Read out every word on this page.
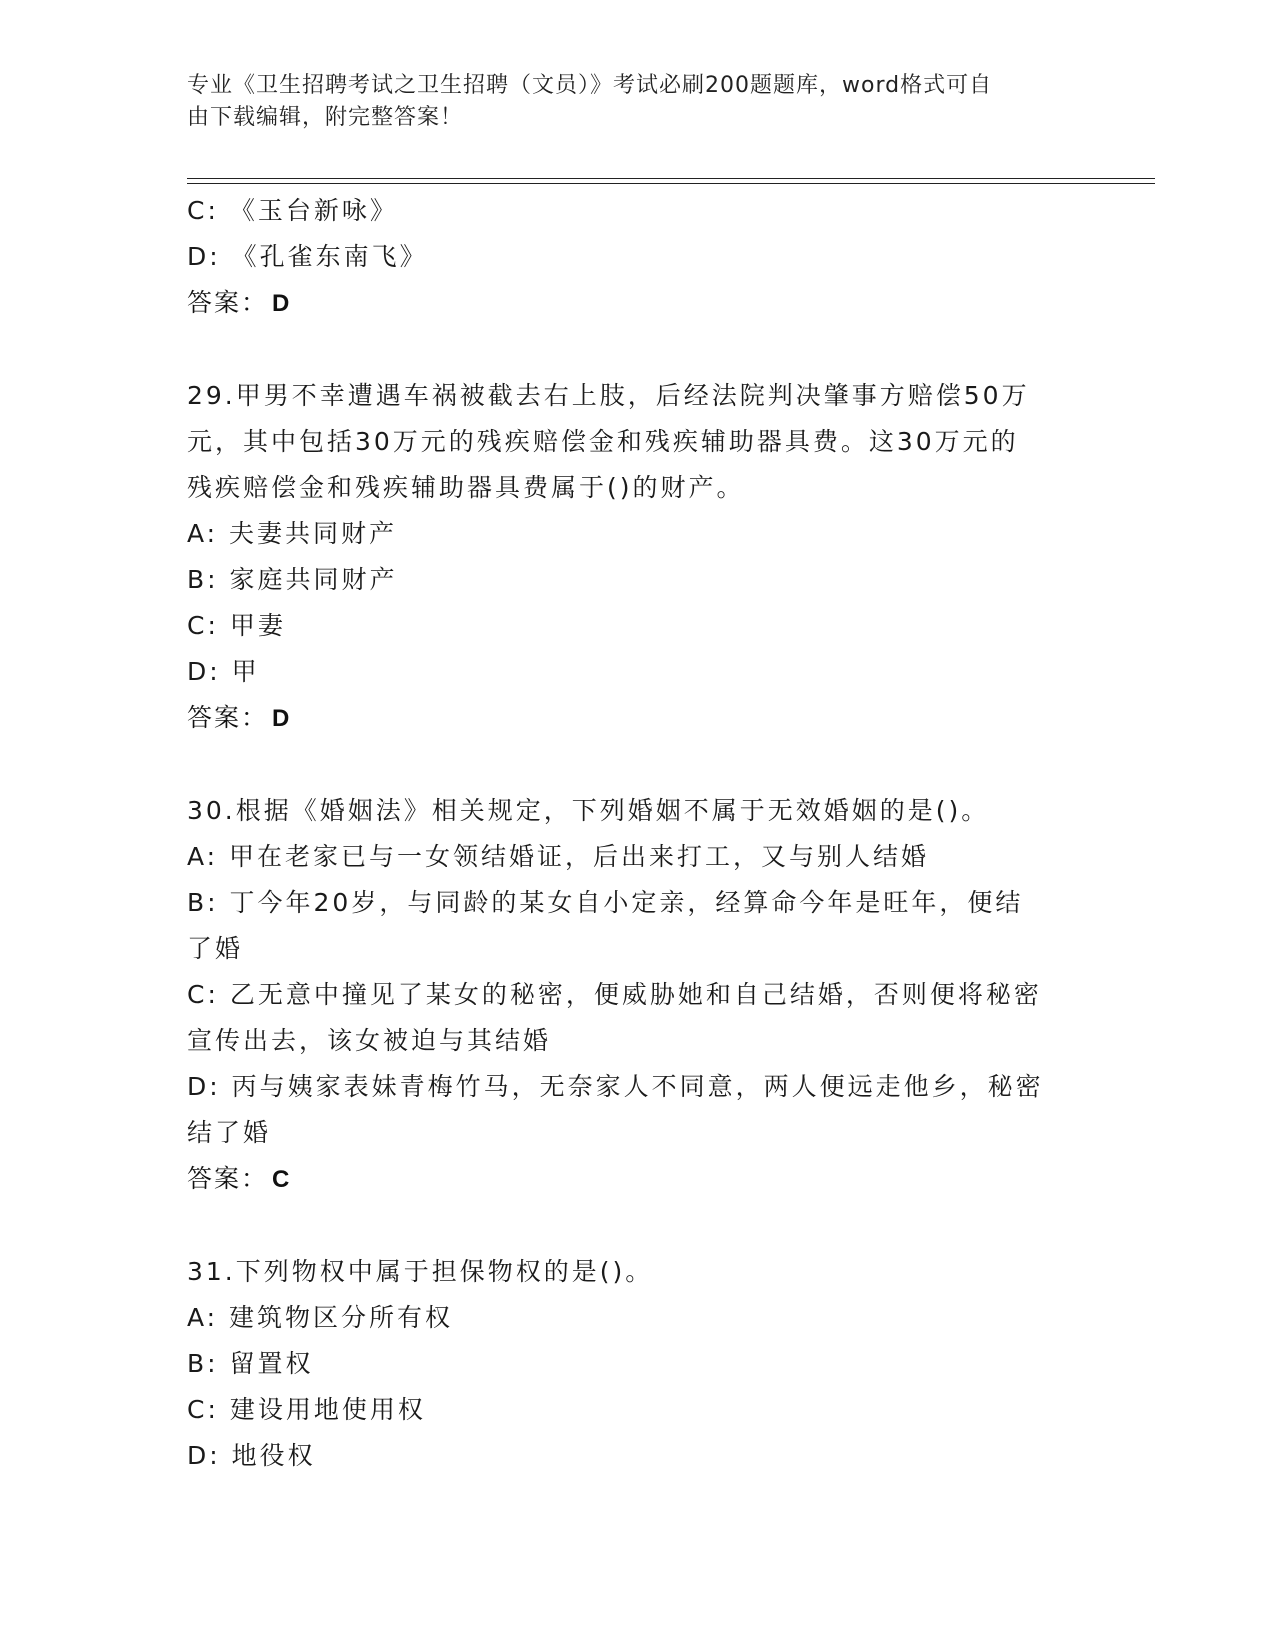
专业《卫生招聘考试之卫生招聘（文员）》考试必刷200题题库，word格式可自
由下载编辑，附完整答案！
C: 《玉台新咏》
D: 《孔雀东南飞》
答案： D
29.甲男不幸遭遇车祸被截去右上肢，后经法院判决肇事方赔偿50万
元，其中包括30万元的残疾赔偿金和残疾辅助器具费。这30万元的
残疾赔偿金和残疾辅助器具费属于()的财产。
A: 夫妻共同财产
B: 家庭共同财产
C: 甲妻
D: 甲
答案： D
30.根据《婚姻法》相关规定，下列婚姻不属于无效婚姻的是()。
A: 甲在老家已与一女领结婚证，后出来打工，又与别人结婚
B: 丁今年20岁，与同龄的某女自小定亲，经算命今年是旺年，便结
了婚
C: 乙无意中撞见了某女的秘密，便威胁她和自己结婚，否则便将秘密
宣传出去，该女被迫与其结婚
D: 丙与姨家表妹青梅竹马，无奈家人不同意，两人便远走他乡，秘密
结了婚
答案： C
31.下列物权中属于担保物权的是()。
A: 建筑物区分所有权
B: 留置权
C: 建设用地使用权
D: 地役权
